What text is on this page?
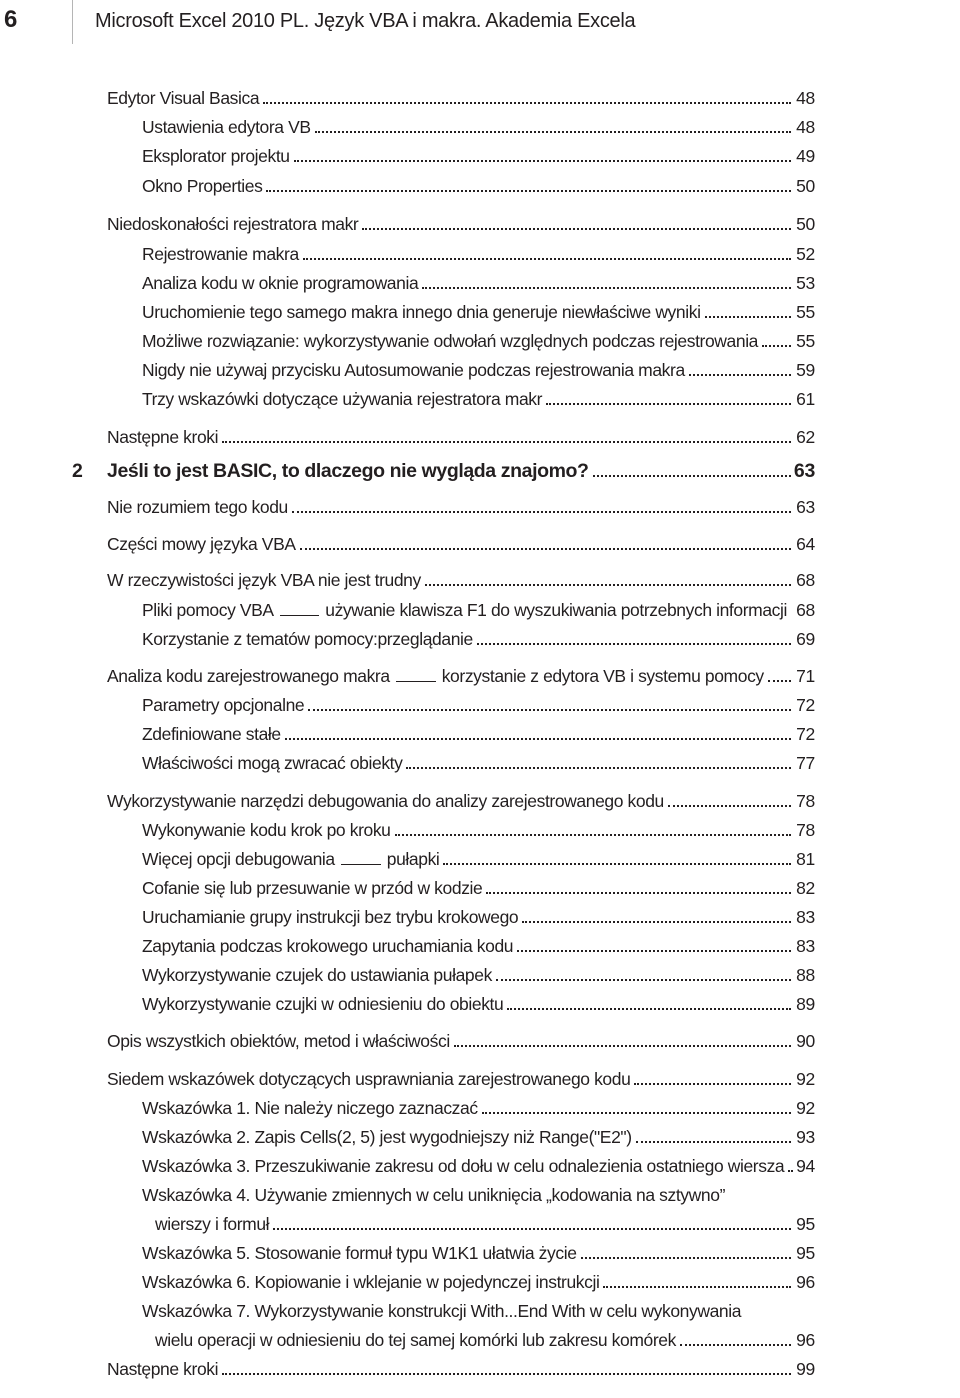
6	Microsoft Excel 2010 PL. Język VBA i makra. Akademia Excela
Edytor Visual Basica	48
Ustawienia edytora VB	48
Eksplorator projektu	49
Okno Properties	50
Niedoskonałości rejestratora makr	50
Rejestrowanie makra	52
Analiza kodu w oknie programowania	53
Uruchomienie tego samego makra innego dnia generuje niewłaściwe wyniki	55
Możliwe rozwiązanie: wykorzystywanie odwołań względnych podczas rejestrowania 55
Nigdy nie używaj przycisku Autosumowanie podczas rejestrowania makra	59
Trzy wskazówki dotyczące używania rejestratora makr	61
Następne kroki	62
2 Jeśli to jest BASIC, to dlaczego nie wygląda znajomo?	63
Nie rozumiem tego kodu	63
Części mowy języka VBA	64
W rzeczywistości język VBA nie jest trudny	68
Pliki pomocy VBA	używanie klawisza F1 do wyszukiwania potrzebnych informacji 68
Korzystanie z tematów pomocy:przeglądanie	69
Analiza kodu zarejestrowanego makra	korzystanie z edytora VB i systemu pomocy 71
Parametry opcjonalne	72
Zdefiniowane stałe	72
Właściwości mogą zwracać obiekty	77
Wykorzystywanie narzędzi debugowania do analizy zarejestrowanego kodu	78
Wykonywanie kodu krok po kroku	78
Więcej opcji debugowania	pułapki	81
Cofanie się lub przesuwanie w przód w kodzie	82
Uruchamianie grupy instrukcji bez trybu krokowego	83
Zapytania podczas krokowego uruchamiania kodu	83
Wykorzystywanie czujek do ustawiania pułapek	88
Wykorzystywanie czujki w odniesieniu do obiektu	89
Opis wszystkich obiektów, metod i właściwości	90
Siedem wskazówek dotyczących usprawniania zarejestrowanego kodu	92
Wskazówka 1. Nie należy niczego zaznaczać	92
Wskazówka 2. Zapis Cells(2, 5) jest wygodniejszy niż Range("E2")	93
Wskazówka 3. Przeszukiwanie zakresu od dołu w celu odnalezienia ostatniego wiersza 94
Wskazówka 4. Używanie zmiennych w celu uniknięcia „kodowania na sztywno”
wierszy i formuł	95
Wskazówka 5. Stosowanie formuł typu W1K1 ułatwia życie	95
Wskazówka 6. Kopiowanie i wklejanie w pojedynczej instrukcji	96
Wskazówka 7. Wykorzystywanie konstrukcji With...End With w celu wykonywania
wielu operacji w odniesieniu do tej samej komórki lub zakresu komórek	96
Następne kroki	99
